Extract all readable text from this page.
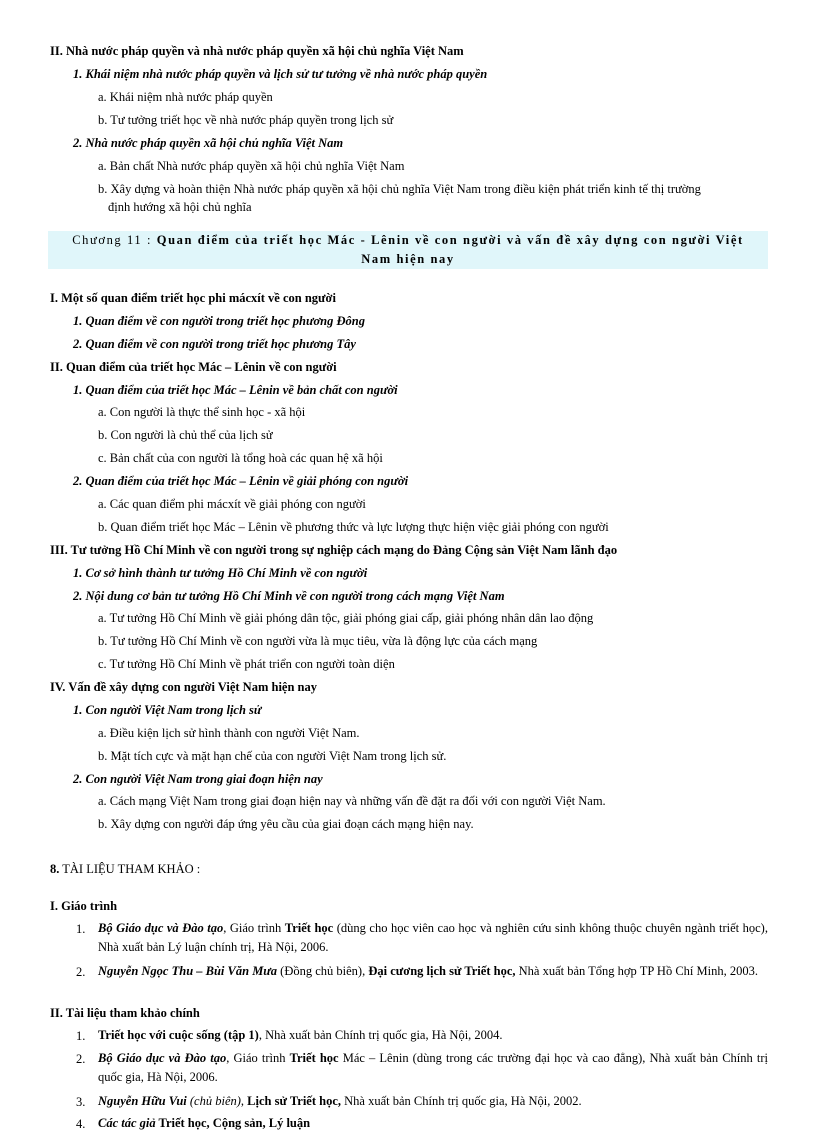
II. Nhà nước pháp quyền và nhà nước pháp quyền xã hội chủ nghĩa Việt Nam
1. Khái niệm nhà nước pháp quyền và lịch sử tư tưởng về nhà nước pháp quyền
a. Khái niệm nhà nước pháp quyền
b. Tư tưởng triết học về nhà nước pháp quyền trong lịch sử
2. Nhà nước pháp quyền xã hội chủ nghĩa Việt Nam
a. Bản chất Nhà nước pháp quyền xã hội chủ nghĩa Việt Nam
b. Xây dựng và hoàn thiện Nhà nước pháp quyền xã hội chủ nghĩa Việt Nam trong điều kiện phát triển kinh tế thị trường
định hướng xã hội chủ nghĩa
Chương 11 : Quan điểm của triết học Mác - Lênin về con người và vấn đề xây dựng con người Việt
Nam hiện nay
I. Một số quan điểm triết học phi mácxít về con người
1. Quan điểm về con người trong triết học phương Đông
2. Quan điểm về con người trong triết học phương Tây
II. Quan điểm của triết học Mác – Lênin về con người
1. Quan điểm của triết học Mác – Lênin về bản chất con người
a. Con người là thực thể sinh học - xã hội
b. Con người là chủ thể của lịch sử
c. Bản chất của con người là tổng hoà các quan hệ xã hội
2. Quan điểm của triết học Mác – Lênin về giải phóng con người
a. Các quan điểm phi mácxít về giải phóng con người
b. Quan điểm triết học Mác – Lênin về phương thức và lực lượng thực hiện việc giải phóng con người
III. Tư tưởng Hồ Chí Minh về con người trong sự nghiệp cách mạng do Đảng Cộng sản Việt Nam lãnh đạo
1. Cơ sở hình thành tư tưởng Hồ Chí Minh về con người
2. Nội dung cơ bản tư tưởng Hồ Chí Minh về con người trong cách mạng Việt Nam
a. Tư tưởng Hồ Chí Minh về giải phóng dân tộc, giải phóng giai cấp, giải phóng nhân dân lao động
b. Tư tưởng Hồ Chí Minh về con người vừa là mục tiêu, vừa là động lực của cách mạng
c. Tư tưởng Hồ Chí Minh về phát triển con người toàn diện
IV. Vấn đề xây dựng con người Việt Nam hiện nay
1. Con người Việt Nam trong lịch sử
a. Điều kiện lịch sử hình thành con người Việt Nam.
b. Mặt tích cực và mặt hạn chế của con người Việt Nam trong lịch sử.
2. Con người Việt Nam trong giai đoạn hiện nay
a. Cách mạng Việt Nam trong giai đoạn hiện nay và những vấn đề đặt ra đối với con người Việt Nam.
b. Xây dựng con người đáp ứng yêu cầu của giai đoạn cách mạng hiện nay.
8. TÀI LIỆU THAM KHẢO :
I. Giáo trình
1. Bộ Giáo dục và Đào tạo, Giáo trình Triết học (dùng cho học viên cao học và nghiên cứu sinh không thuộc chuyên ngành triết học), Nhà xuất bản Lý luận chính trị, Hà Nội, 2006.
2. Nguyễn Ngọc Thu – Bùi Văn Mưa (Đồng chủ biên), Đại cương lịch sử Triết học, Nhà xuất bản Tổng hợp TP Hồ Chí Minh, 2003.
II. Tài liệu tham khảo chính
1. Triết học với cuộc sống (tập 1), Nhà xuất bản Chính trị quốc gia, Hà Nội, 2004.
2. Bộ Giáo dục và Đào tạo, Giáo trình Triết học Mác – Lênin (dùng trong các trường đại học và cao đẳng), Nhà xuất bản Chính trị quốc gia, Hà Nội, 2006.
3. Nguyễn Hữu Vui (chủ biên), Lịch sử Triết học, Nhà xuất bản Chính trị quốc gia, Hà Nội, 2002.
4. Các tác giả Triết học, Cộng sản, Lý luận
